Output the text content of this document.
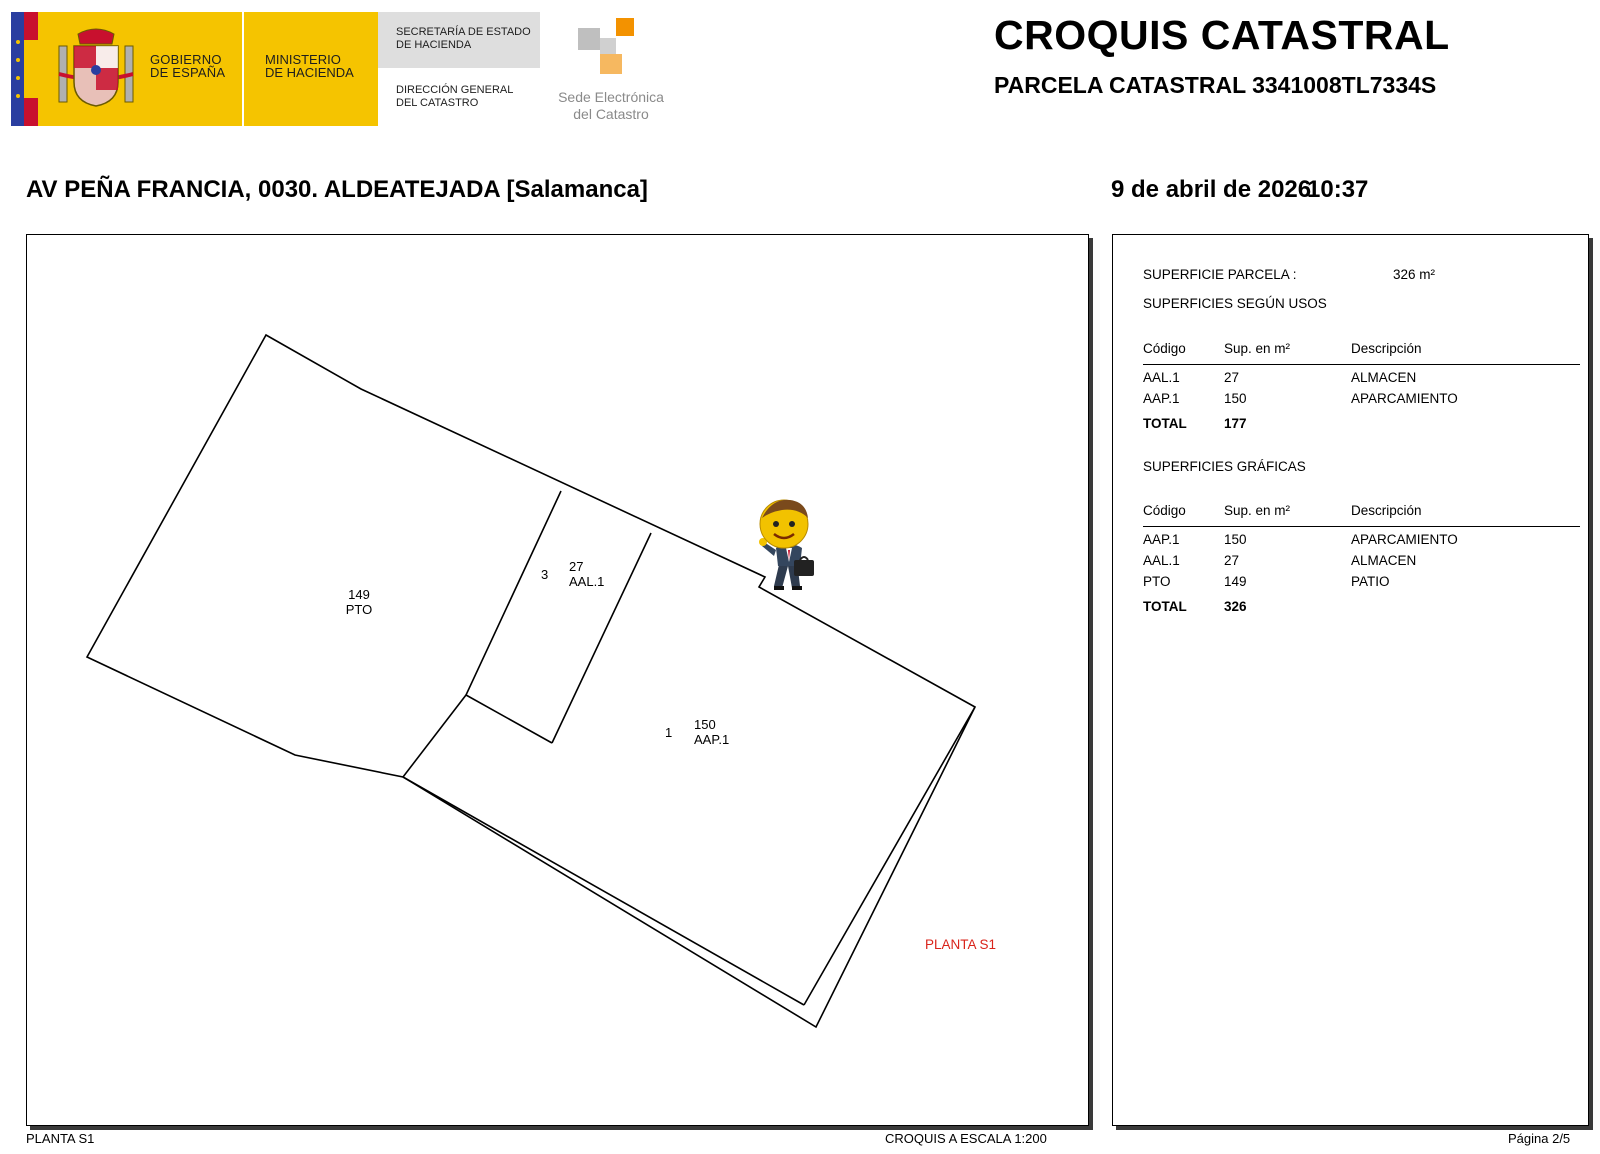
GOBIERNO
DE ESPAÑA
MINISTERIO
DE HACIENDA
SECRETARÍA DE ESTADO
DE HACIENDA
DIRECCIÓN GENERAL
DEL CATASTRO	Sede Electrónica
del Catastro
CROQUIS CATASTRAL
PARCELA CATASTRAL 3341008TL7334S
AV PEÑA FRANCIA, 0030. ALDEATEJADA [Salamanca]	9 de abril de 2026
10:37
149
PTO
3
27
AAL.1
1
150
AAP.1
PLANTA S1
SUPERFICIE PARCELA :	326 m²
SUPERFICIES SEGÚN USOS
Código	Sup. en m²	Descripción
AAL.1	27	ALMACEN
AAP.1	150	APARCAMIENTO
TOTAL	177
SUPERFICIES GRÁFICAS
Código	Sup. en m²	Descripción
AAP.1	150	APARCAMIENTO
AAL.1	27	ALMACEN
PTO	149	PATIO
TOTAL	326
PLANTA S1	CROQUIS A ESCALA 1:200	Página 2/5
